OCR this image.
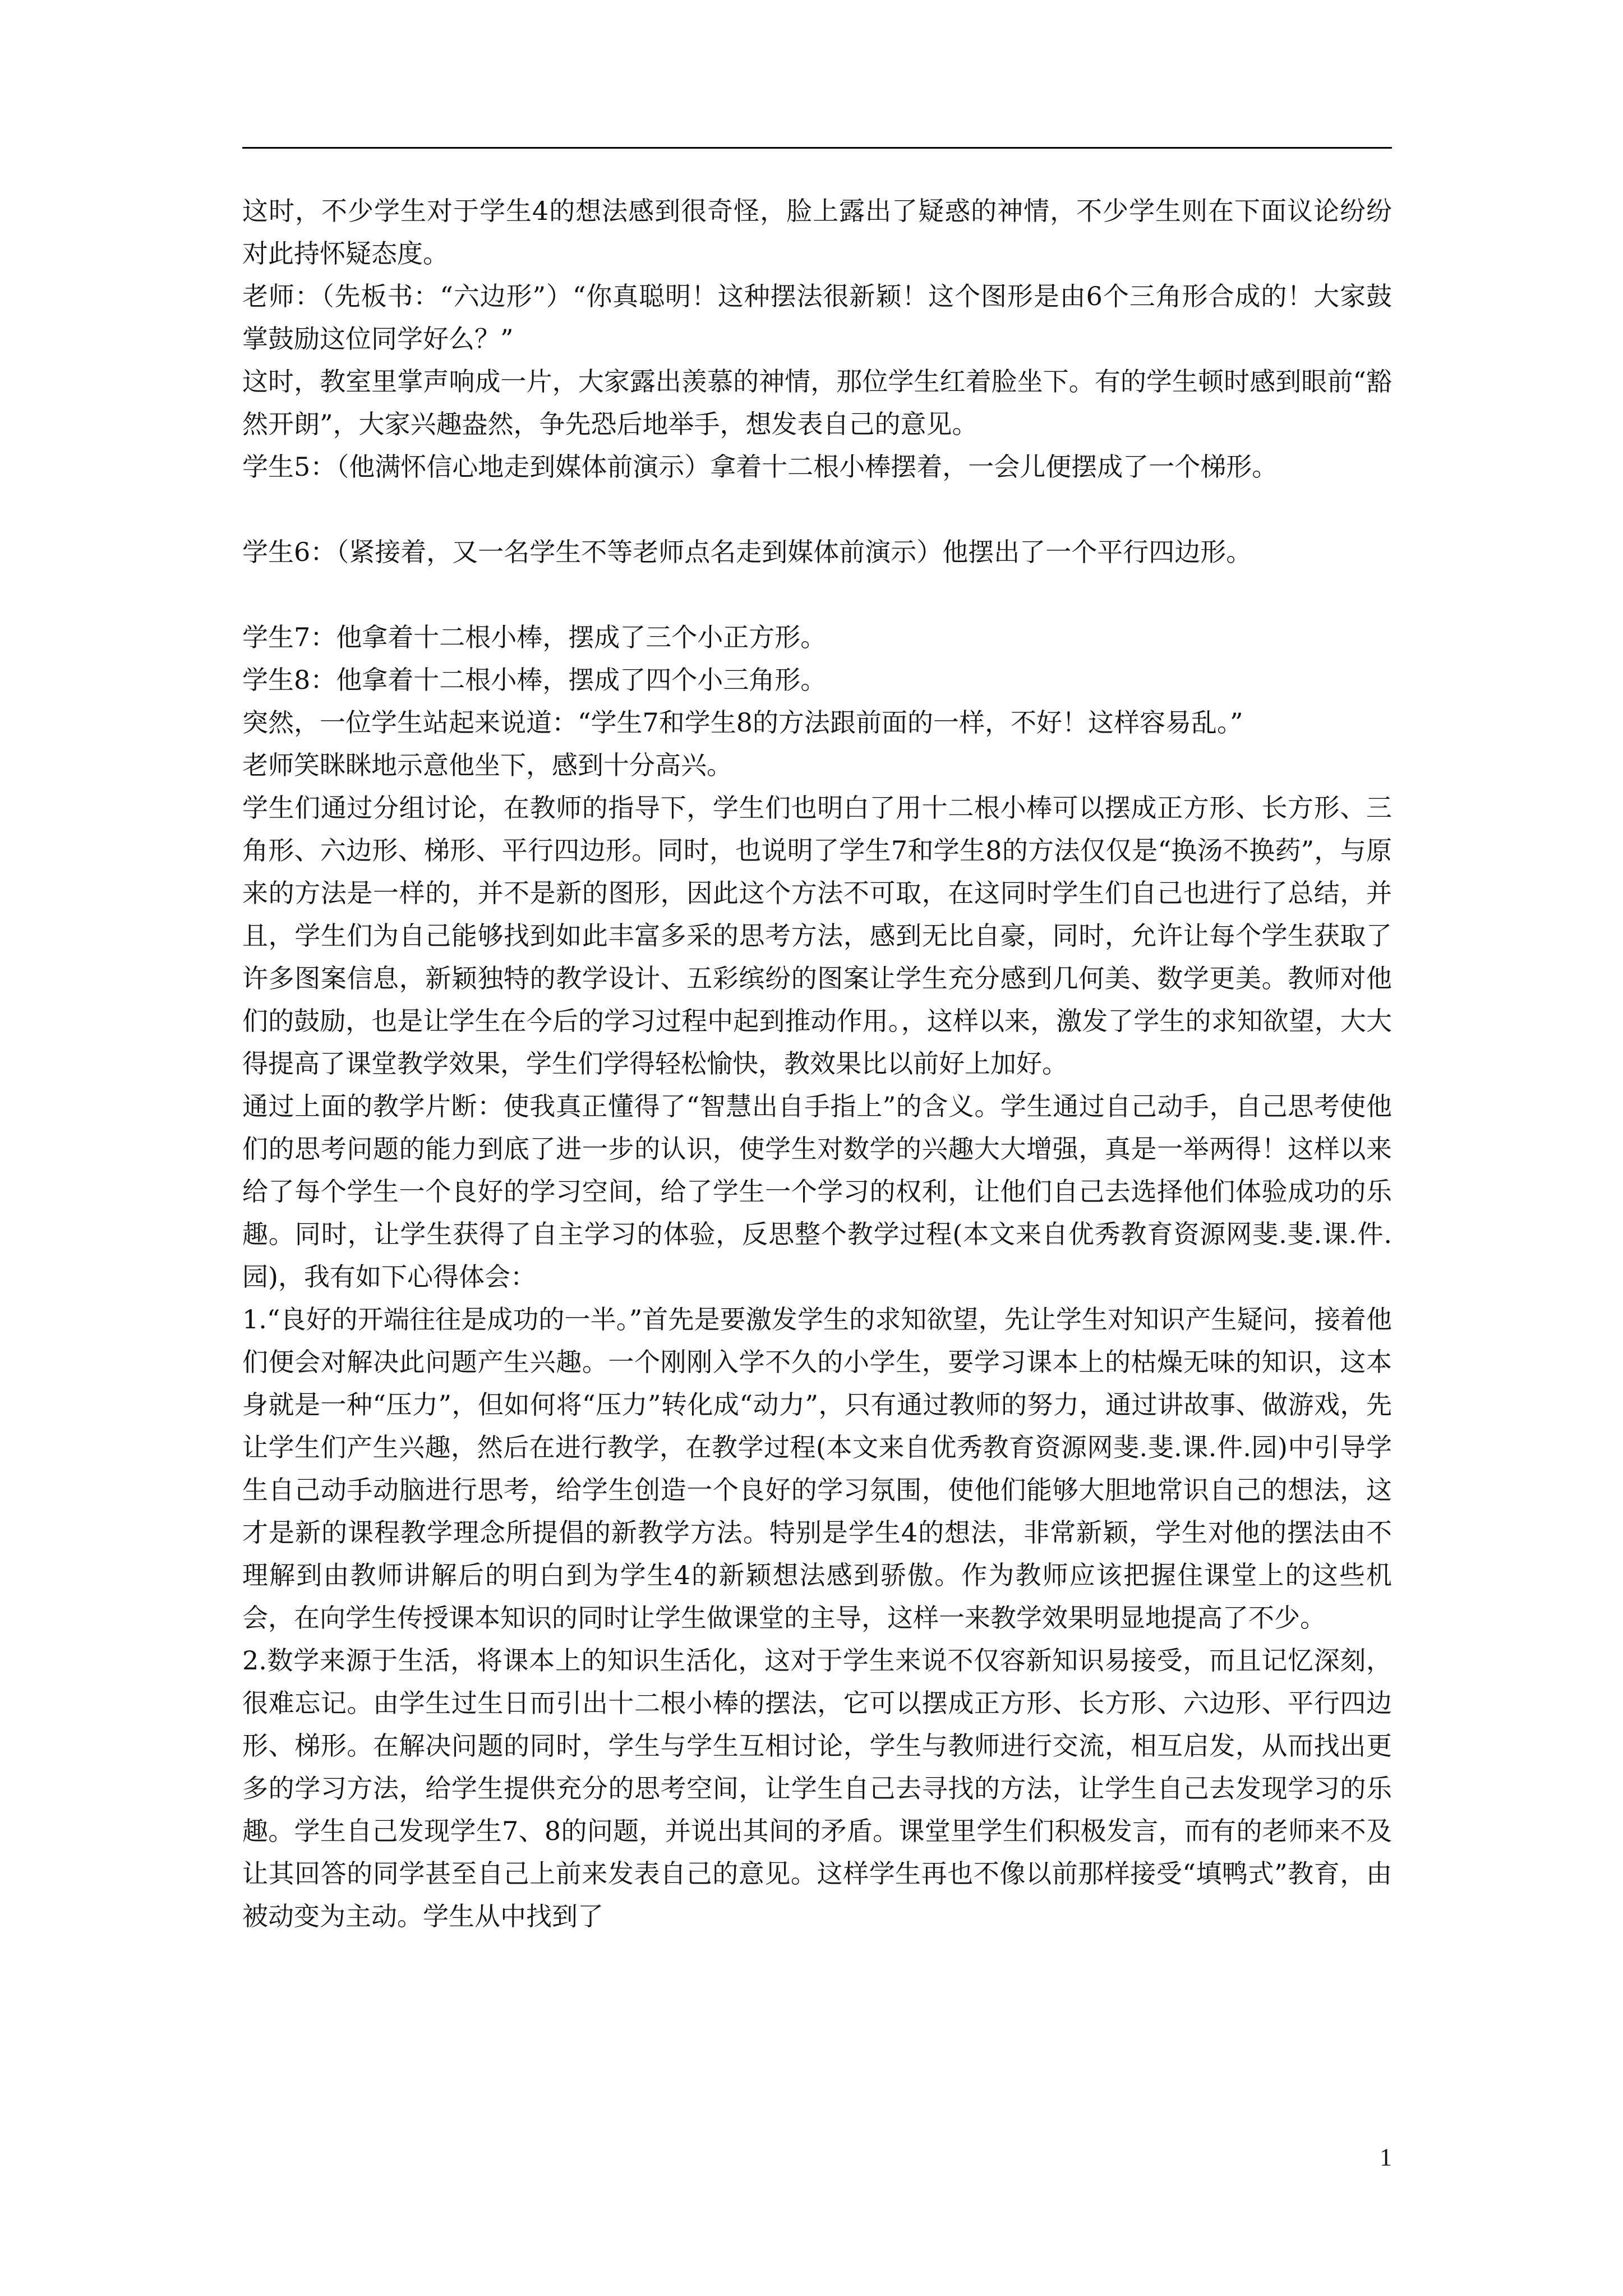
这时，不少学生对于学生4的想法感到很奇怪，脸上露出了疑惑的神情，不少学生则在下面议论纷纷对此持怀疑态度。

老师：（先板书：“六边形”）“你真聪明！这种摆法很新颖！这个图形是由6个三角形合成的！大家鼓掌鼓励这位同学好么？”

这时，教室里掌声响成一片，大家露出羡慕的神情，那位学生红着脸坐下。有的学生顿时感到眼前“豁然开朗”，大家兴趣盎然，争先恐后地举手，想发表自己的意见。

学生5：（他满怀信心地走到媒体前演示）拿着十二根小棒摆着，一会儿便摆成了一个梯形。

学生6：（紧接着，又一名学生不等老师点名走到媒体前演示）他摆出了一个平行四边形。

学生7：他拿着十二根小棒，摆成了三个小正方形。

学生8：他拿着十二根小棒，摆成了四个小三角形。

突然，一位学生站起来说道：“学生7和学生8的方法跟前面的一样，不好！这样容易乱。”

老师笑眯眯地示意他坐下，感到十分高兴。

学生们通过分组讨论，在教师的指导下，学生们也明白了用十二根小棒可以摆成正方形、长方形、三角形、六边形、梯形、平行四边形。同时，也说明了学生7和学生8的方法仅仅是“换汤不换药”，与原来的方法是一样的，并不是新的图形，因此这个方法不可取，在这同时学生们自己也进行了总结，并且，学生们为自己能够找到如此丰富多采的思考方法，感到无比自豪，同时，允许让每个学生获取了许多图案信息，新颖独特的教学设计、五彩缤纷的图案让学生充分感到几何美、数学更美。教师对他们的鼓励，也是让学生在今后的学习过程中起到推动作用。，这样以来，激发了学生的求知欲望，大大得提高了课堂教学效果，学生们学得轻松愉快，教效果比以前好上加好。

通过上面的教学片断：使我真正懂得了“智慧出自手指上”的含义。学生通过自己动手，自己思考使他们的思考问题的能力到底了进一步的认识，使学生对数学的兴趣大大增强，真是一举两得！这样以来给了每个学生一个良好的学习空间，给了学生一个学习的权利，让他们自己去选择他们体验成功的乐趣。同时，让学生获得了自主学习的体验，反思整个教学过程(本文来自优秀教育资源网斐.斐.课.件.园)，我有如下心得体会：

1.“良好的开端往往是成功的一半。”首先是要激发学生的求知欲望，先让学生对知识产生疑问，接着他们便会对解决此问题产生兴趣。一个刚刚入学不久的小学生，要学习课本上的枯燥无味的知识，这本身就是一种“压力”，但如何将“压力”转化成“动力”，只有通过教师的努力，通过讲故事、做游戏，先让学生们产生兴趣，然后在进行教学，在教学过程(本文来自优秀教育资源网斐.斐.课.件.园)中引导学生自己动手动脑进行思考，给学生创造一个良好的学习氛围，使他们能够大胆地常识自己的想法，这才是新的课程教学理念所提倡的新教学方法。特别是学生4的想法，非常新颖，学生对他的摆法由不理解到由教师讲解后的明白到为学生4的新颖想法感到骄傲。作为教师应该把握住课堂上的这些机会，在向学生传授课本知识的同时让学生做课堂的主导，这样一来教学效果明显地提高了不少。

2.数学来源于生活，将课本上的知识生活化，这对于学生来说不仅容新知识易接受，而且记忆深刻，很难忘记。由学生过生日而引出十二根小棒的摆法，它可以摆成正方形、长方形、六边形、平行四边形、梯形。在解决问题的同时，学生与学生互相讨论，学生与教师进行交流，相互启发，从而找出更多的学习方法，给学生提供充分的思考空间，让学生自己去寻找的方法，让学生自己去发现学习的乐趣。学生自己发现学生7、8的问题，并说出其间的矛盾。课堂里学生们积极发言，而有的老师来不及让其回答的同学甚至自己上前来发表自己的意见。这样学生再也不像以前那样接受“填鸭式”教育，由被动变为主动。学生从中找到了

1
